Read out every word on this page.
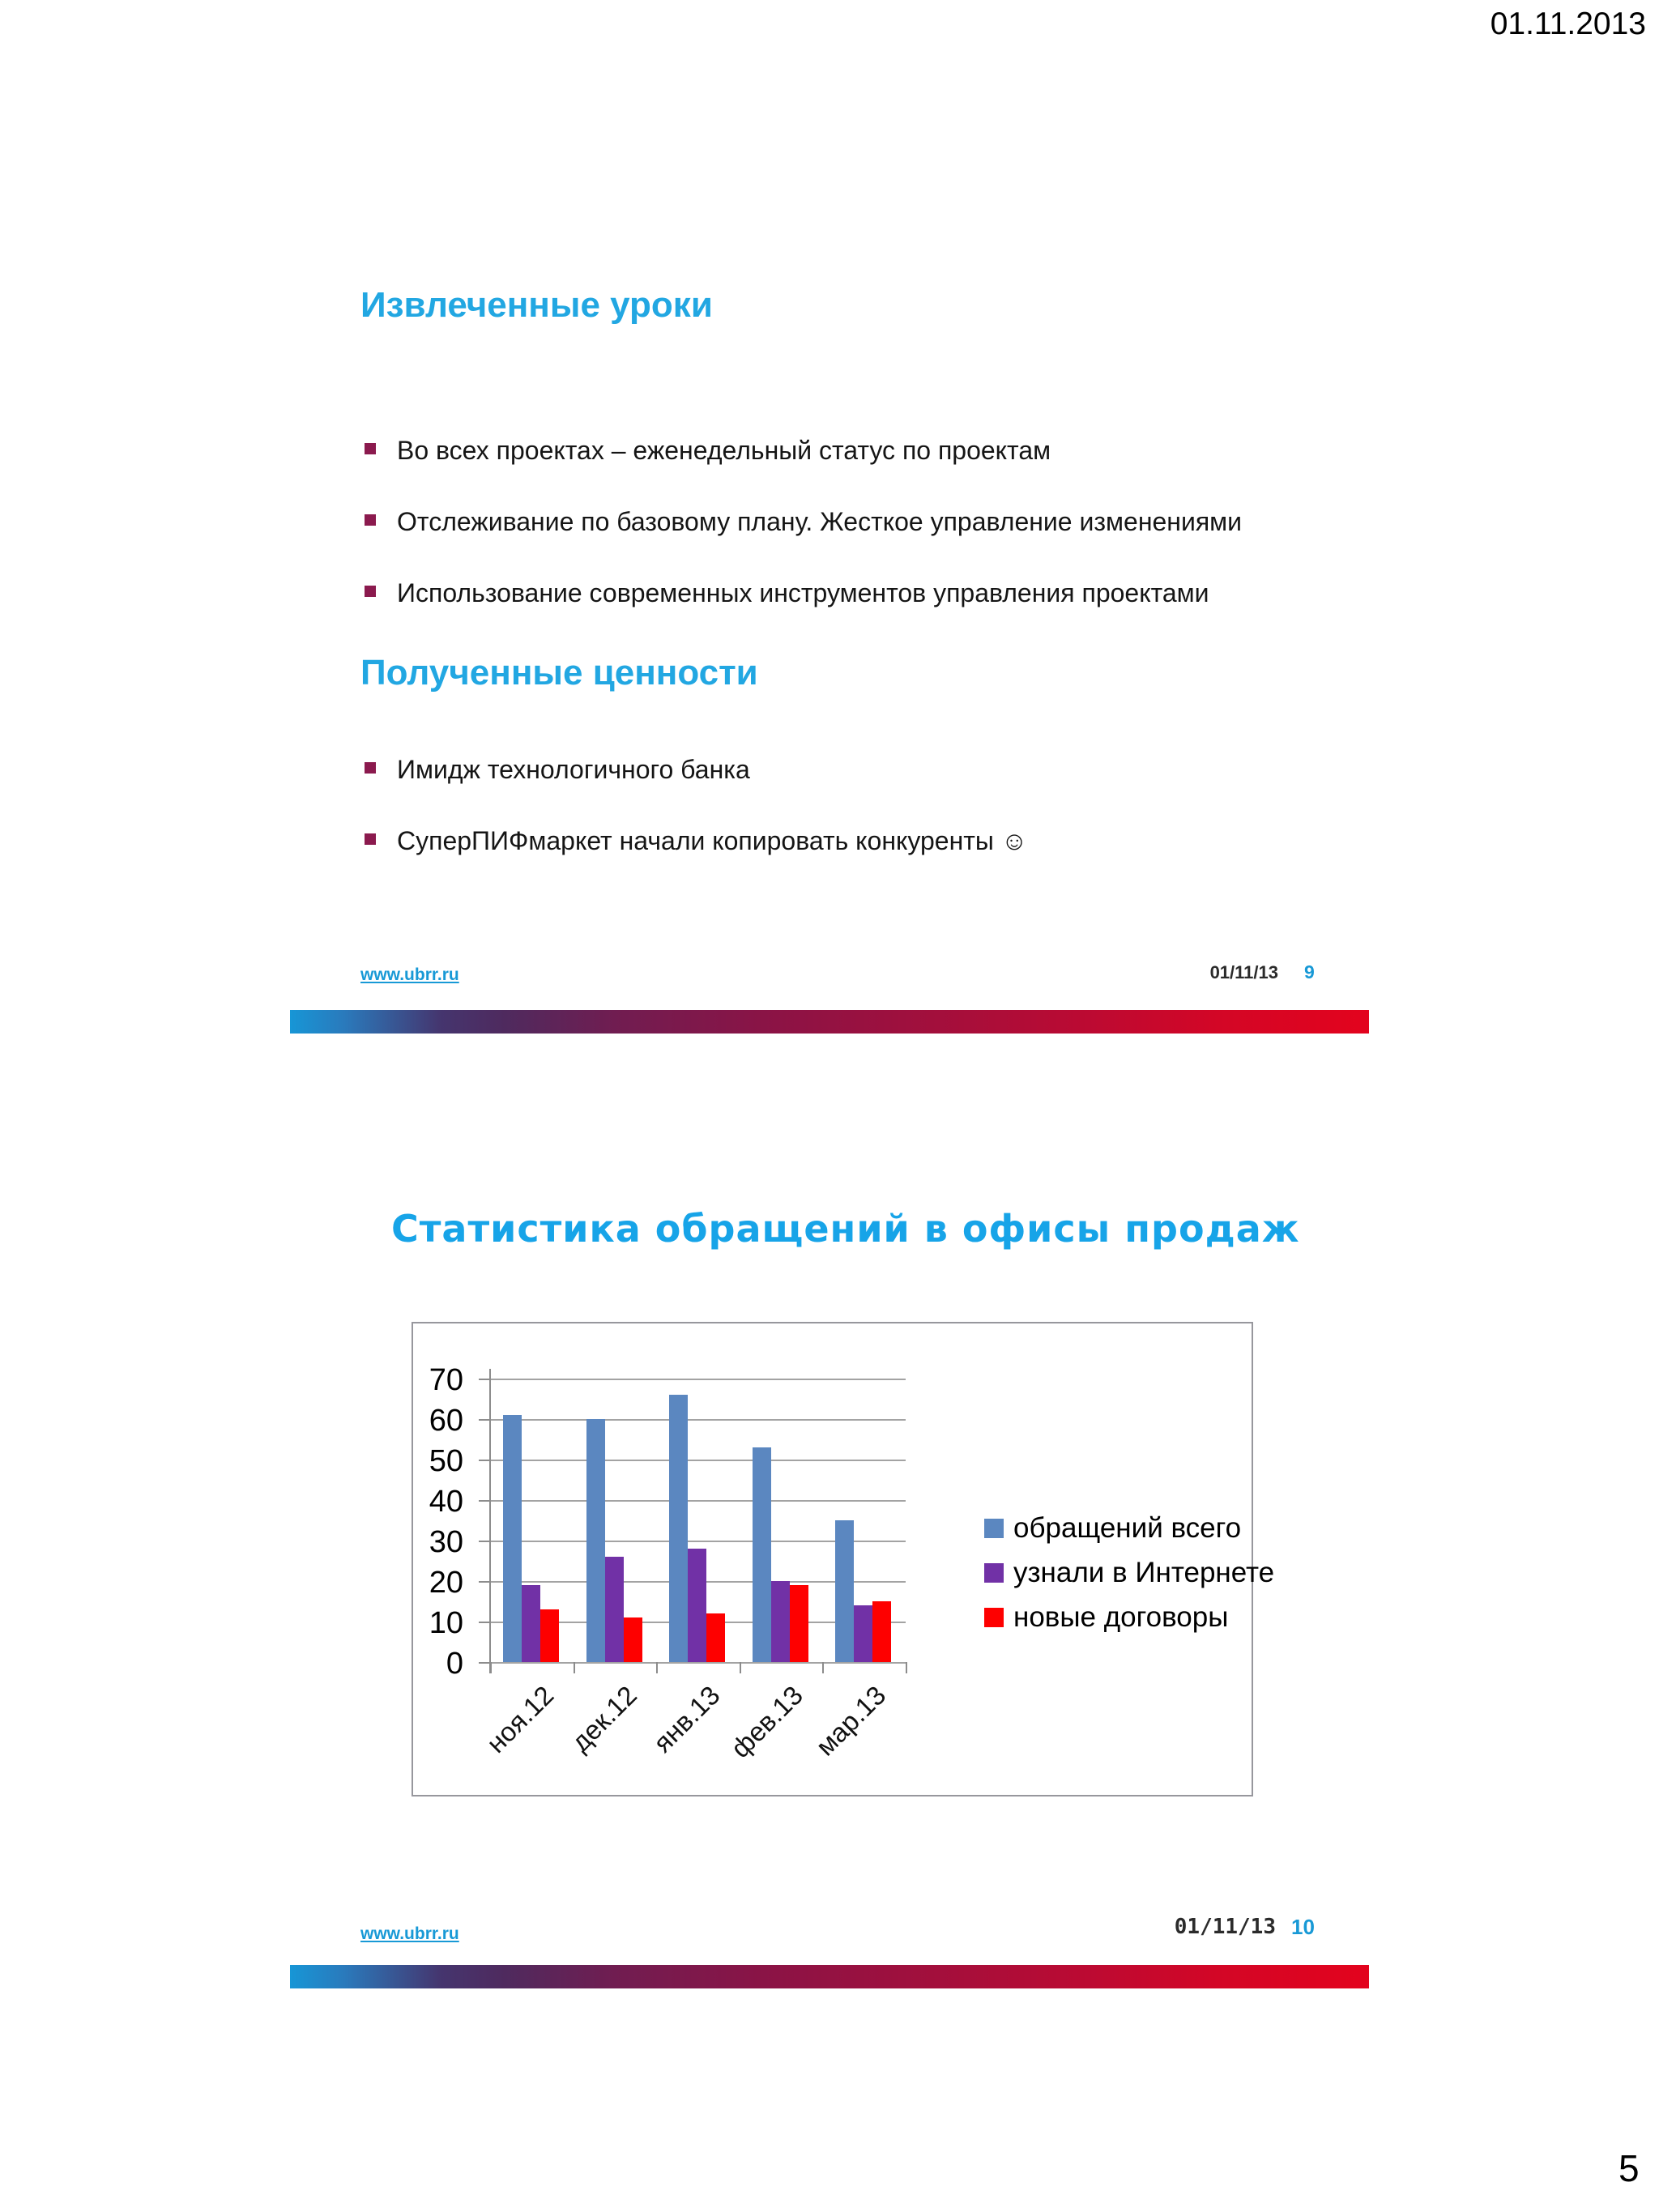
01.11.2013
Извлеченные уроки
Во всех проектах – еженедельный статус по проектам
Отслеживание по базовому плану. Жесткое управление изменениями
Использование современных инструментов управления проектами
Полученные ценности
Имидж технологичного банка
СуперПИФмаркет начали копировать конкуренты ☺
www.ubrr.ru	01/11/13 9
Статистика обращений в офисы продаж
0
10
20
30
40
50
60
70
ноя.12 дек.12 янв.13 фев.13 мар.13
обращений всего
узнали в Интернете
новые договоры
www.ubrr.ru	01/11/13 10
5
